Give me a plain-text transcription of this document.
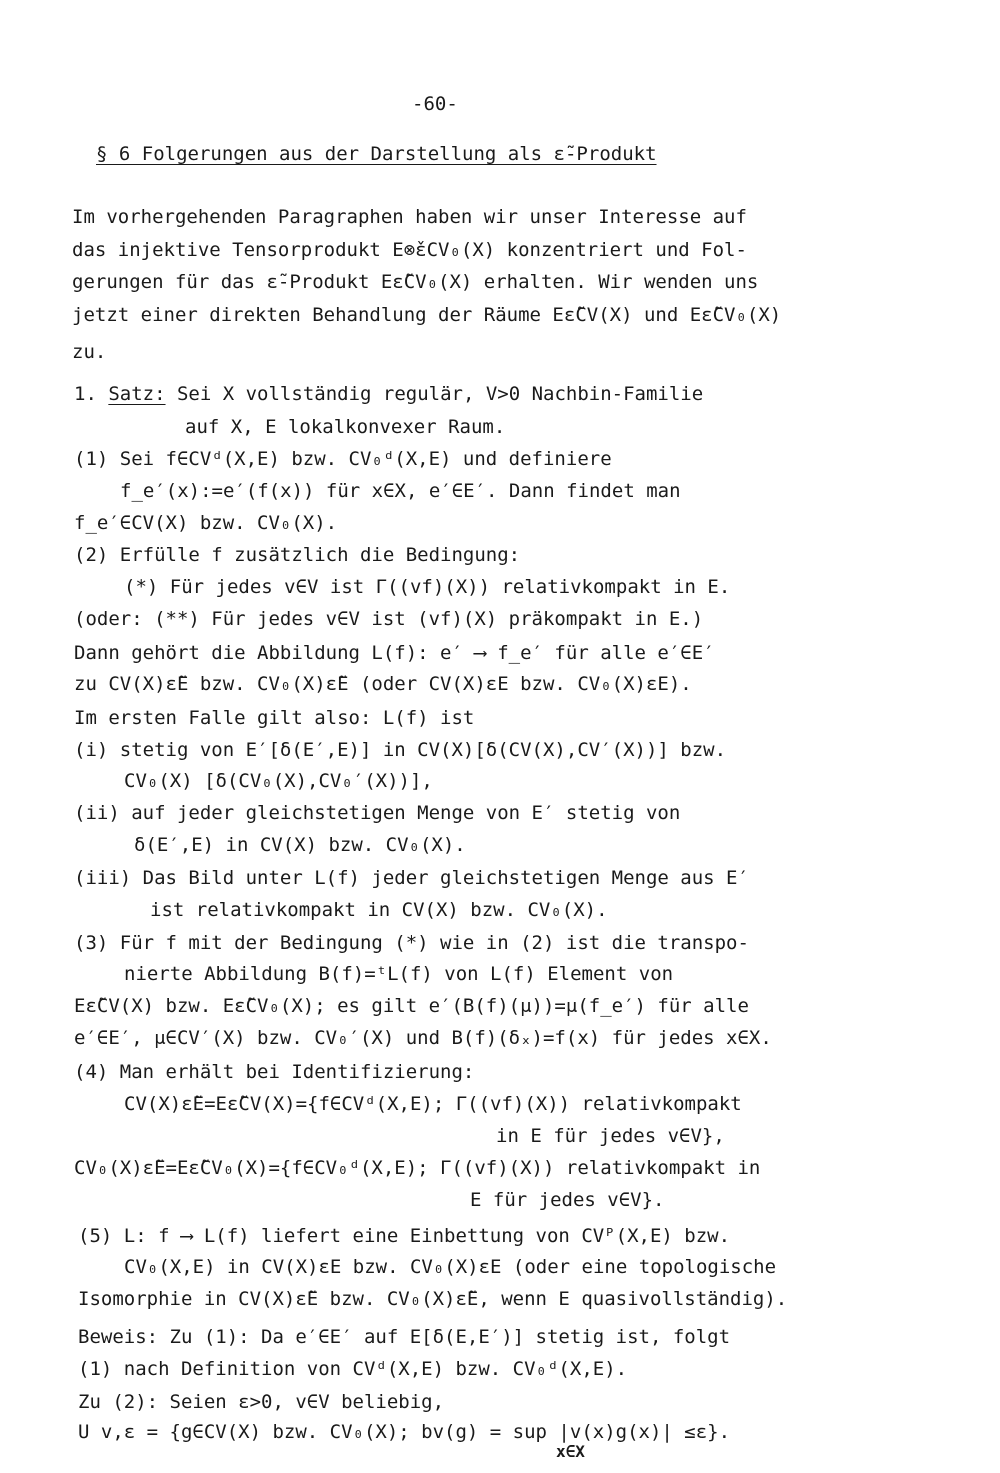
-60-
§ 6 Folgerungen aus der Darstellung als ε̃-Produkt
Im vorhergehenden Paragraphen haben wir unser Interesse auf
das injektive Tensorprodukt E⊗̌εCV₀(X) konzentriert und Fol-
gerungen für das ε̃-Produkt Eε̃CV₀(X) erhalten. Wir wenden uns
jetzt einer direkten Behandlung der Räume Eε̃CV(X) und Eε̃CV₀(X)
zu.
1. Satz: Sei X vollständig regulär, V>0 Nachbin-Familie
auf X, E lokalkonvexer Raum.
(1) Sei f∈CVᵈ(X,E) bzw. CV₀ᵈ(X,E) und definiere
f_e′(x):=e′(f(x)) für x∈X, e′∈E′. Dann findet man
f_e′∈CV(X) bzw. CV₀(X).
(2) Erfülle f zusätzlich die Bedingung:
(*) Für jedes v∈V ist Γ((vf)(X)) relativkompakt in E.
(oder: (**) Für jedes v∈V ist (vf)(X) präkompakt in E.)
Dann gehört die Abbildung L(f): e′ ⟶ f_e′ für alle e′∈E′
zu CV(X)ε̃E bzw. CV₀(X)ε̃E (oder CV(X)εE bzw. CV₀(X)εE).
Im ersten Falle gilt also: L(f) ist
(i) stetig von E′[δ(E′,E)] in CV(X)[δ(CV(X),CV′(X))] bzw.
CV₀(X) [δ(CV₀(X),CV₀′(X))],
(ii) auf jeder gleichstetigen Menge von E′ stetig von
δ(E′,E) in CV(X) bzw. CV₀(X).
(iii) Das Bild unter L(f) jeder gleichstetigen Menge aus E′
ist relativkompakt in CV(X) bzw. CV₀(X).
(3) Für f mit der Bedingung (*) wie in (2) ist die transpo-
nierte Abbildung B(f)=ᵗL(f) von L(f) Element von
Eε̃CV(X) bzw. Eε̃CV₀(X); es gilt e′(B(f)(μ))=μ(f_e′) für alle
e′∈E′, μ∈CV′(X) bzw. CV₀′(X) und B(f)(δₓ)=f(x) für jedes x∈X.
(4) Man erhält bei Identifizierung:
CV(X)ε̃E=Eε̃CV(X)={f∈CVᵈ(X,E); Γ((vf)(X)) relativkompakt
in E für jedes v∈V},
CV₀(X)ε̃E=Eε̃CV₀(X)={f∈CV₀ᵈ(X,E); Γ((vf)(X)) relativkompakt in
E für jedes v∈V}.
(5) L: f ⟶ L(f) liefert eine Einbettung von CVᴾ(X,E) bzw.
CV₀(X,E) in CV(X)εE bzw. CV₀(X)εE (oder eine topologische
Isomorphie in CV(X)ε̃E bzw. CV₀(X)ε̃E, wenn E quasivollständig).
Beweis: Zu (1): Da e′∈E′ auf E[δ(E,E′)] stetig ist, folgt
(1) nach Definition von CVᵈ(X,E) bzw. CV₀ᵈ(X,E).
Zu (2): Seien ε>0, v∈V beliebig,
U v,ε = {g∈CV(X) bzw. CV₀(X); bv(g) = sup |v(x)g(x)| ≤ε}.
x∈X
